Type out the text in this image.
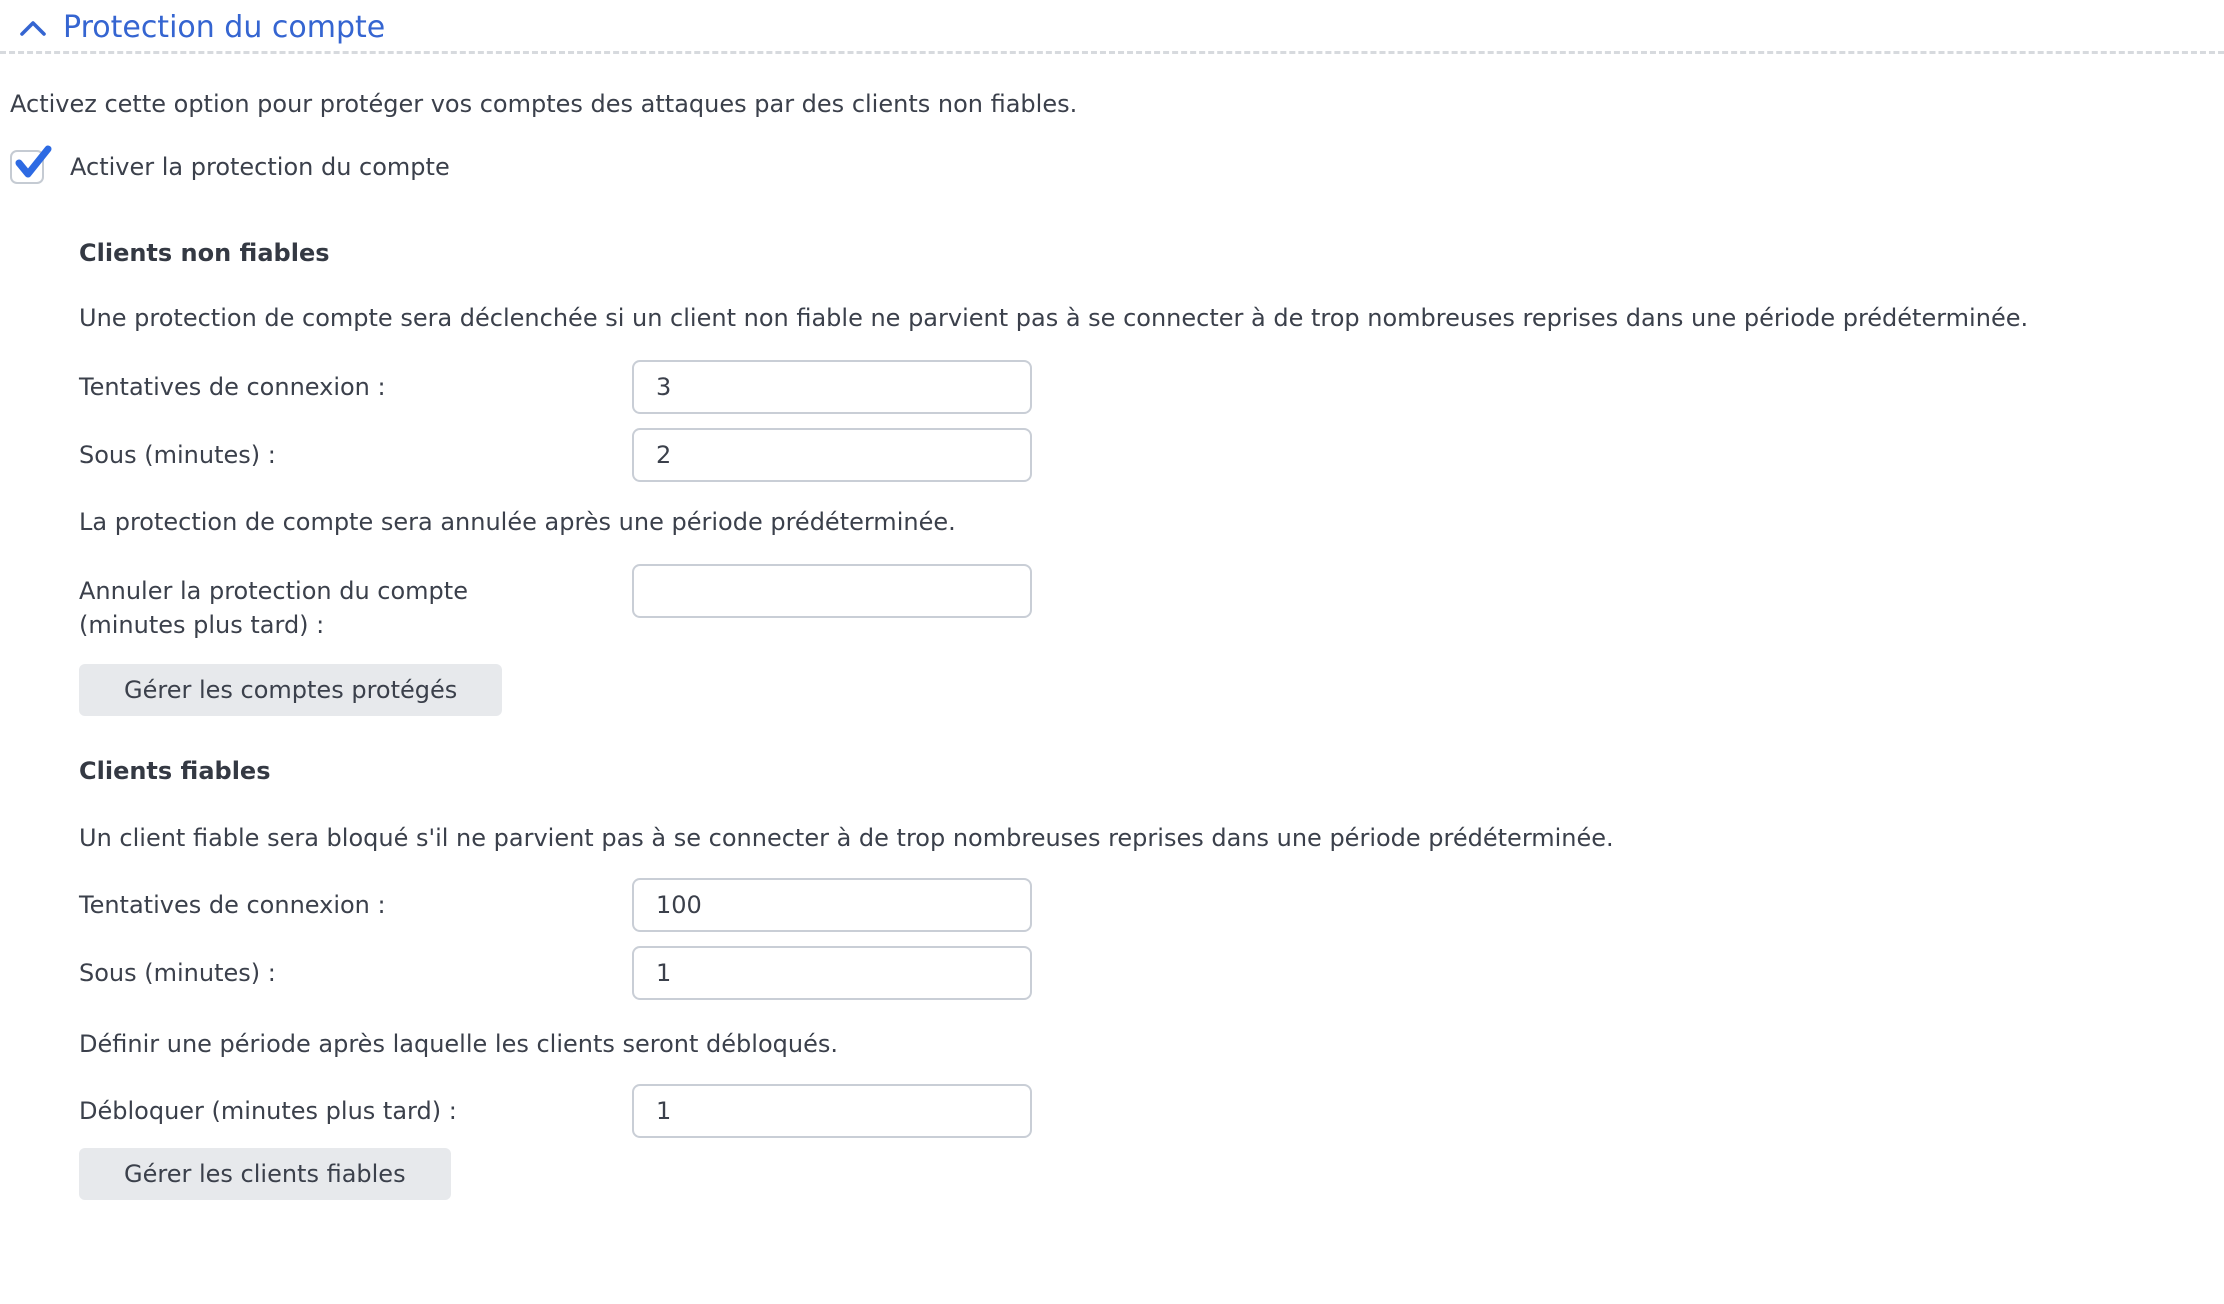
Protection du compte
Activez cette option pour protéger vos comptes des attaques par des clients non fiables.
Activer la protection du compte
Clients non fiables
Une protection de compte sera déclenchée si un client non fiable ne parvient pas à se connecter à de trop nombreuses reprises dans une période prédéterminée.
Tentatives de connexion :
3
Sous (minutes) :
2
La protection de compte sera annulée après une période prédéterminée.
Annuler la protection du compte
(minutes plus tard) :
Gérer les comptes protégés
Clients fiables
Un client fiable sera bloqué s'il ne parvient pas à se connecter à de trop nombreuses reprises dans une période prédéterminée.
Tentatives de connexion :
100
Sous (minutes) :
1
Définir une période après laquelle les clients seront débloqués.
Débloquer (minutes plus tard) :
1
Gérer les clients fiables
